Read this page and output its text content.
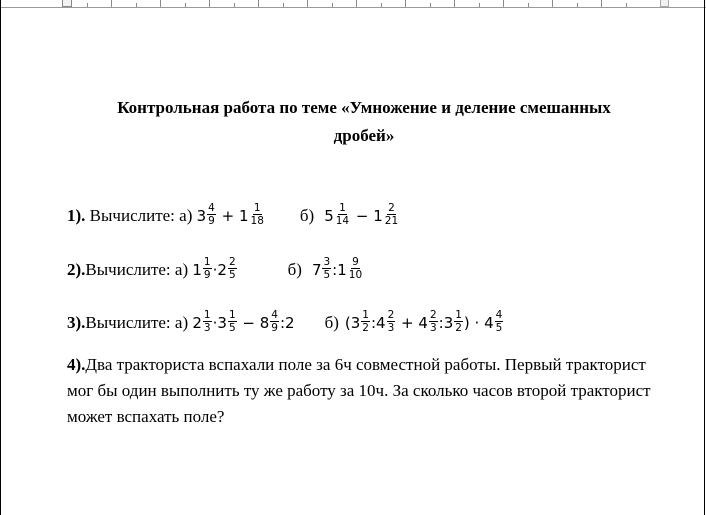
Контрольная работа по теме «Умножение и деление смешанных
дробей»
1). Вычислите: а) $3 \frac{4}{9} + 1 \frac{1}{18} б$) $5 \frac{1}{14} - 1 \frac{2}{21}$
2).Вычислите: а) $1 \frac{1}{9} \cdot 2 \frac{2}{5}$	б) $7 \frac{3}{5}$ :1 $\frac{9}{10}$
3).Вычислите: а) $2 \frac{1}{3} \cdot 3 \frac{1}{5} - 8 \frac{4}{9}$ :2 б) ($3 \frac{1}{2}$ :4 $\frac{2}{3} + 4 \frac{2}{3}$ :3 $\frac{1}{2}$ ) · $4 \frac{4}{5}$
4).Два тракториста вспахали поле за 6ч совместной работы. Первый тракторист мог бы один выполнить ту же работу за 10ч. За сколько часов второй тракторист может вспахать поле?
